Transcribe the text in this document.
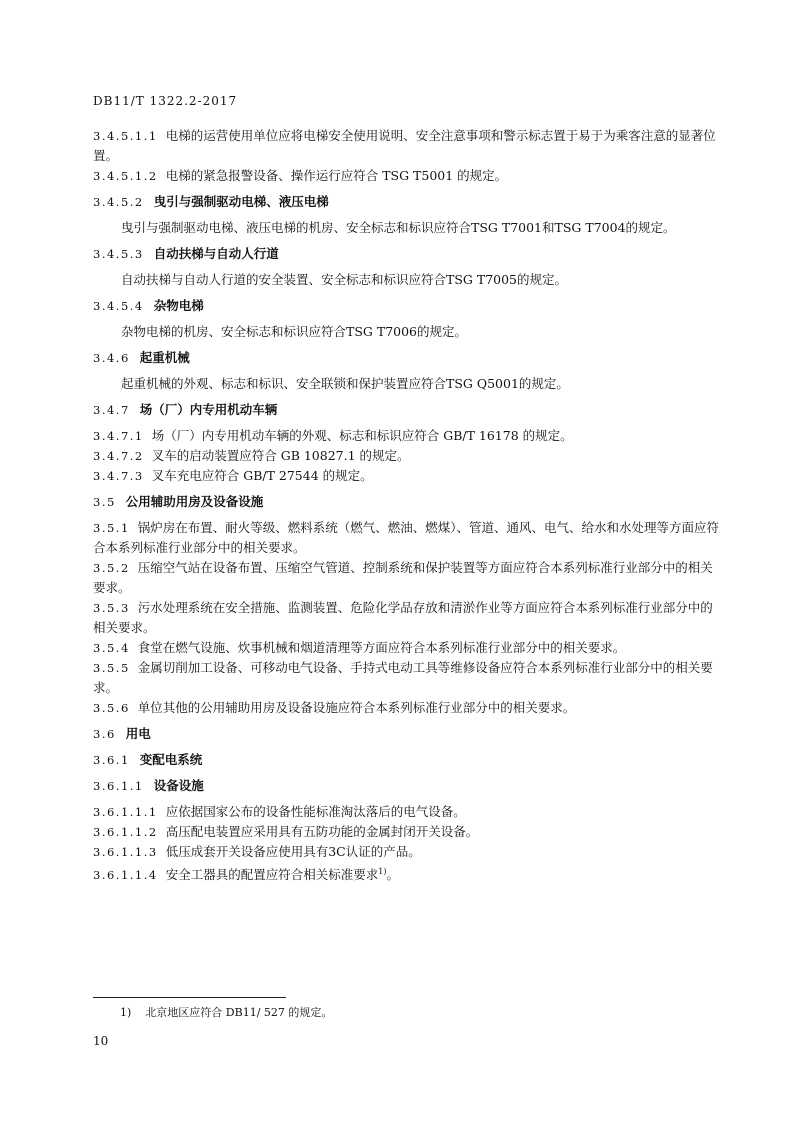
DB11/T 1322.2-2017
3.4.5.1.1 电梯的运营使用单位应将电梯安全使用说明、安全注意事项和警示标志置于易于为乘客注意的显著位置。
3.4.5.1.2 电梯的紧急报警设备、操作运行应符合 TSG T5001 的规定。
3.4.5.2 曳引与强制驱动电梯、液压电梯
曳引与强制驱动电梯、液压电梯的机房、安全标志和标识应符合TSG T7001和TSG T7004的规定。
3.4.5.3 自动扶梯与自动人行道
自动扶梯与自动人行道的安全装置、安全标志和标识应符合TSG T7005的规定。
3.4.5.4 杂物电梯
杂物电梯的机房、安全标志和标识应符合TSG T7006的规定。
3.4.6 起重机械
起重机械的外观、标志和标识、安全联锁和保护装置应符合TSG Q5001的规定。
3.4.7 场（厂）内专用机动车辆
3.4.7.1 场（厂）内专用机动车辆的外观、标志和标识应符合 GB/T 16178 的规定。
3.4.7.2 叉车的启动装置应符合 GB 10827.1 的规定。
3.4.7.3 叉车充电应符合 GB/T 27544 的规定。
3.5 公用辅助用房及设备设施
3.5.1 锅炉房在布置、耐火等级、燃料系统（燃气、燃油、燃煤）、管道、通风、电气、给水和水处理等方面应符合本系列标准行业部分中的相关要求。
3.5.2 压缩空气站在设备布置、压缩空气管道、控制系统和保护装置等方面应符合本系列标准行业部分中的相关要求。
3.5.3 污水处理系统在安全措施、监测装置、危险化学品存放和清淤作业等方面应符合本系列标准行业部分中的相关要求。
3.5.4 食堂在燃气设施、炊事机械和烟道清理等方面应符合本系列标准行业部分中的相关要求。
3.5.5 金属切削加工设备、可移动电气设备、手持式电动工具等维修设备应符合本系列标准行业部分中的相关要求。
3.5.6 单位其他的公用辅助用房及设备设施应符合本系列标准行业部分中的相关要求。
3.6 用电
3.6.1 变配电系统
3.6.1.1 设备设施
3.6.1.1.1 应依据国家公布的设备性能标准淘汰落后的电气设备。
3.6.1.1.2 高压配电装置应采用具有五防功能的金属封闭开关设备。
3.6.1.1.3 低压成套开关设备应使用具有3C认证的产品。
3.6.1.1.4 安全工器具的配置应符合相关标准要求$^{1)}$。
1) 北京地区应符合 DB11/ 527 的规定。
10
